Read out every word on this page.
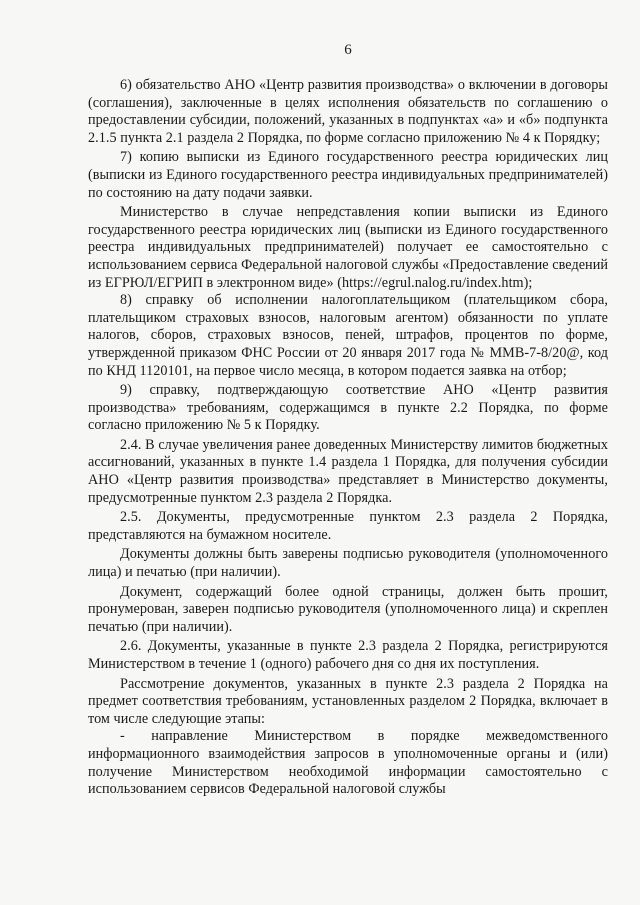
6

6) обязательство АНО «Центр развития производства» о включении в договоры (соглашения), заключенные в целях исполнения обязательств по соглашению о предоставлении субсидии, положений, указанных в подпунктах «а» и «б» подпункта 2.1.5 пункта 2.1 раздела 2 Порядка, по форме согласно приложению № 4 к Порядку;

7) копию выписки из Единого государственного реестра юридических лиц (выписки из Единого государственного реестра индивидуальных предпринимателей) по состоянию на дату подачи заявки.

Министерство в случае непредставления копии выписки из Единого государственного реестра юридических лиц (выписки из Единого государственного реестра индивидуальных предпринимателей) получает ее самостоятельно с использованием сервиса Федеральной налоговой службы «Предоставление сведений из ЕГРЮЛ/ЕГРИП в электронном виде» (https://egrul.nalog.ru/index.htm);

8) справку об исполнении налогоплательщиком (плательщиком сбора, плательщиком страховых взносов, налоговым агентом) обязанности по уплате налогов, сборов, страховых взносов, пеней, штрафов, процентов по форме, утвержденной приказом ФНС России от 20 января 2017 года № ММВ-7-8/20@, код по КНД 1120101, на первое число месяца, в котором подается заявка на отбор;

9) справку, подтверждающую соответствие АНО «Центр развития производства» требованиям, содержащимся в пункте 2.2 Порядка, по форме согласно приложению № 5 к Порядку.

2.4. В случае увеличения ранее доведенных Министерству лимитов бюджетных ассигнований, указанных в пункте 1.4 раздела 1 Порядка, для получения субсидии АНО «Центр развития производства» представляет в Министерство документы, предусмотренные пунктом 2.3 раздела 2 Порядка.

2.5. Документы, предусмотренные пунктом 2.3 раздела 2 Порядка, представляются на бумажном носителе.

Документы должны быть заверены подписью руководителя (уполномоченного лица) и печатью (при наличии).

Документ, содержащий более одной страницы, должен быть прошит, пронумерован, заверен подписью руководителя (уполномоченного лица) и скреплен печатью (при наличии).

2.6. Документы, указанные в пункте 2.3 раздела 2 Порядка, регистрируются Министерством в течение 1 (одного) рабочего дня со дня их поступления.

Рассмотрение документов, указанных в пункте 2.3 раздела 2 Порядка на предмет соответствия требованиям, установленных разделом 2 Порядка, включает в том числе следующие этапы:

- направление Министерством в порядке межведомственного информационного взаимодействия запросов в уполномоченные органы и (или) получение Министерством необходимой информации самостоятельно с использованием сервисов Федеральной налоговой службы
